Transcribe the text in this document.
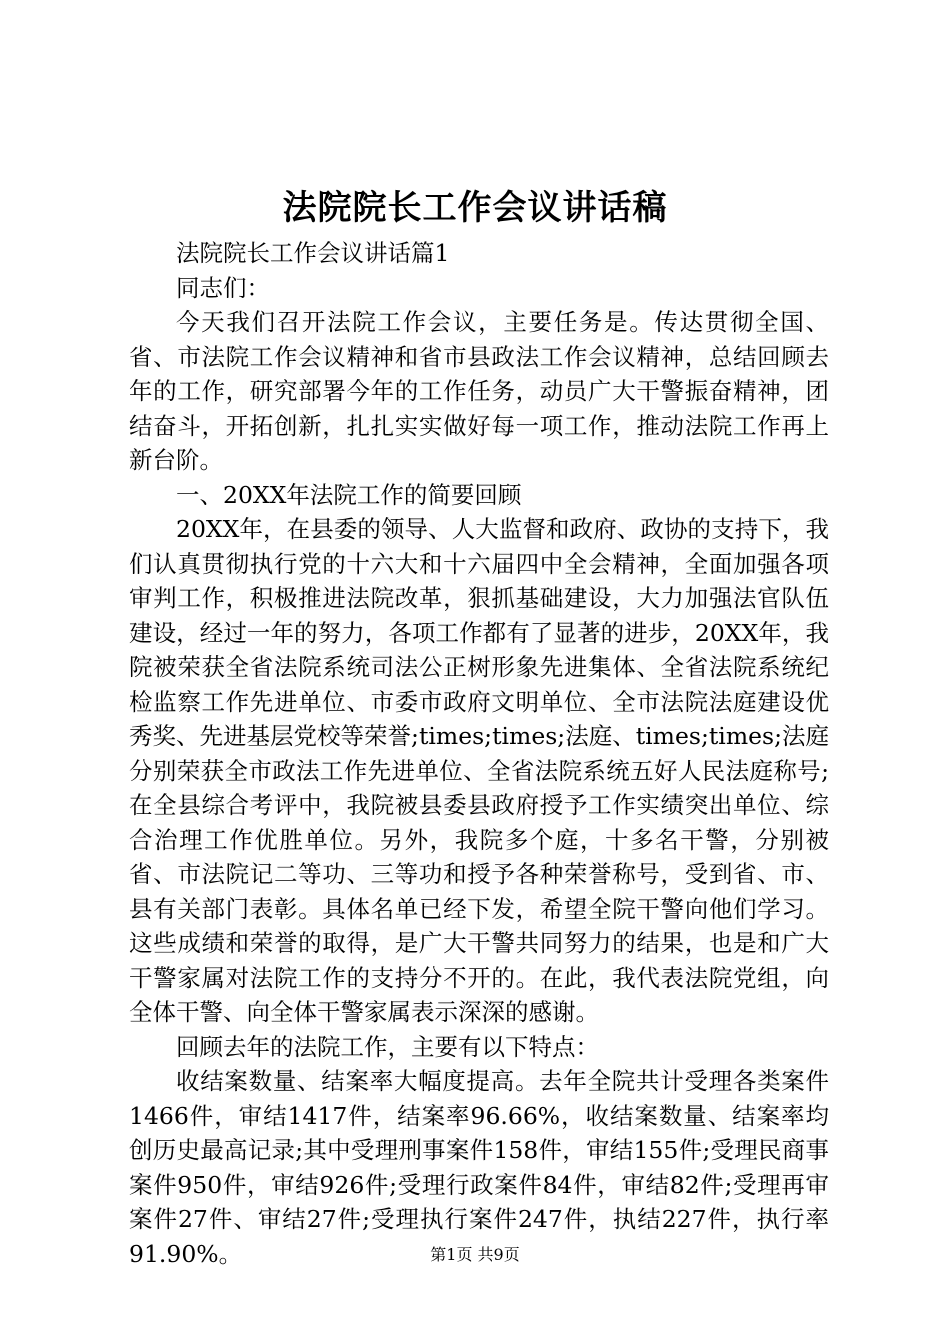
法院院长工作会议讲话稿

法院院长工作会议讲话篇1

同志们：

今天我们召开法院工作会议，主要任务是。传达贯彻全国、省、市法院工作会议精神和省市县政法工作会议精神，总结回顾去年的工作，研究部署今年的工作任务，动员广大干警振奋精神，团结奋斗，开拓创新，扎扎实实做好每一项工作，推动法院工作再上新台阶。

一、20XX年法院工作的简要回顾

20XX年，在县委的领导、人大监督和政府、政协的支持下，我们认真贯彻执行党的十六大和十六届四中全会精神，全面加强各项审判工作，积极推进法院改革，狠抓基础建设，大力加强法官队伍建设，经过一年的努力，各项工作都有了显著的进步，20XX年，我院被荣获全省法院系统司法公正树形象先进集体、全省法院系统纪检监察工作先进单位、市委市政府文明单位、全市法院法庭建设优秀奖、先进基层党校等荣誉;times;times;法庭、times;times;法庭分别荣获全市政法工作先进单位、全省法院系统五好人民法庭称号;在全县综合考评中，我院被县委县政府授予工作实绩突出单位、综合治理工作优胜单位。另外，我院多个庭，十多名干警，分别被省、市法院记二等功、三等功和授予各种荣誉称号，受到省、市、县有关部门表彰。具体名单已经下发，希望全院干警向他们学习。这些成绩和荣誉的取得，是广大干警共同努力的结果，也是和广大干警家属对法院工作的支持分不开的。在此，我代表法院党组，向全体干警、向全体干警家属表示深深的感谢。

回顾去年的法院工作，主要有以下特点：

收结案数量、结案率大幅度提高。去年全院共计受理各类案件1466件，审结1417件，结案率96.66%，收结案数量、结案率均创历史最高记录;其中受理刑事案件158件，审结155件;受理民商事案件950件，审结926件;受理行政案件84件，审结82件;受理再审案件27件、审结27件;受理执行案件247件，执结227件，执行率91.90%。	第1页 共9页
